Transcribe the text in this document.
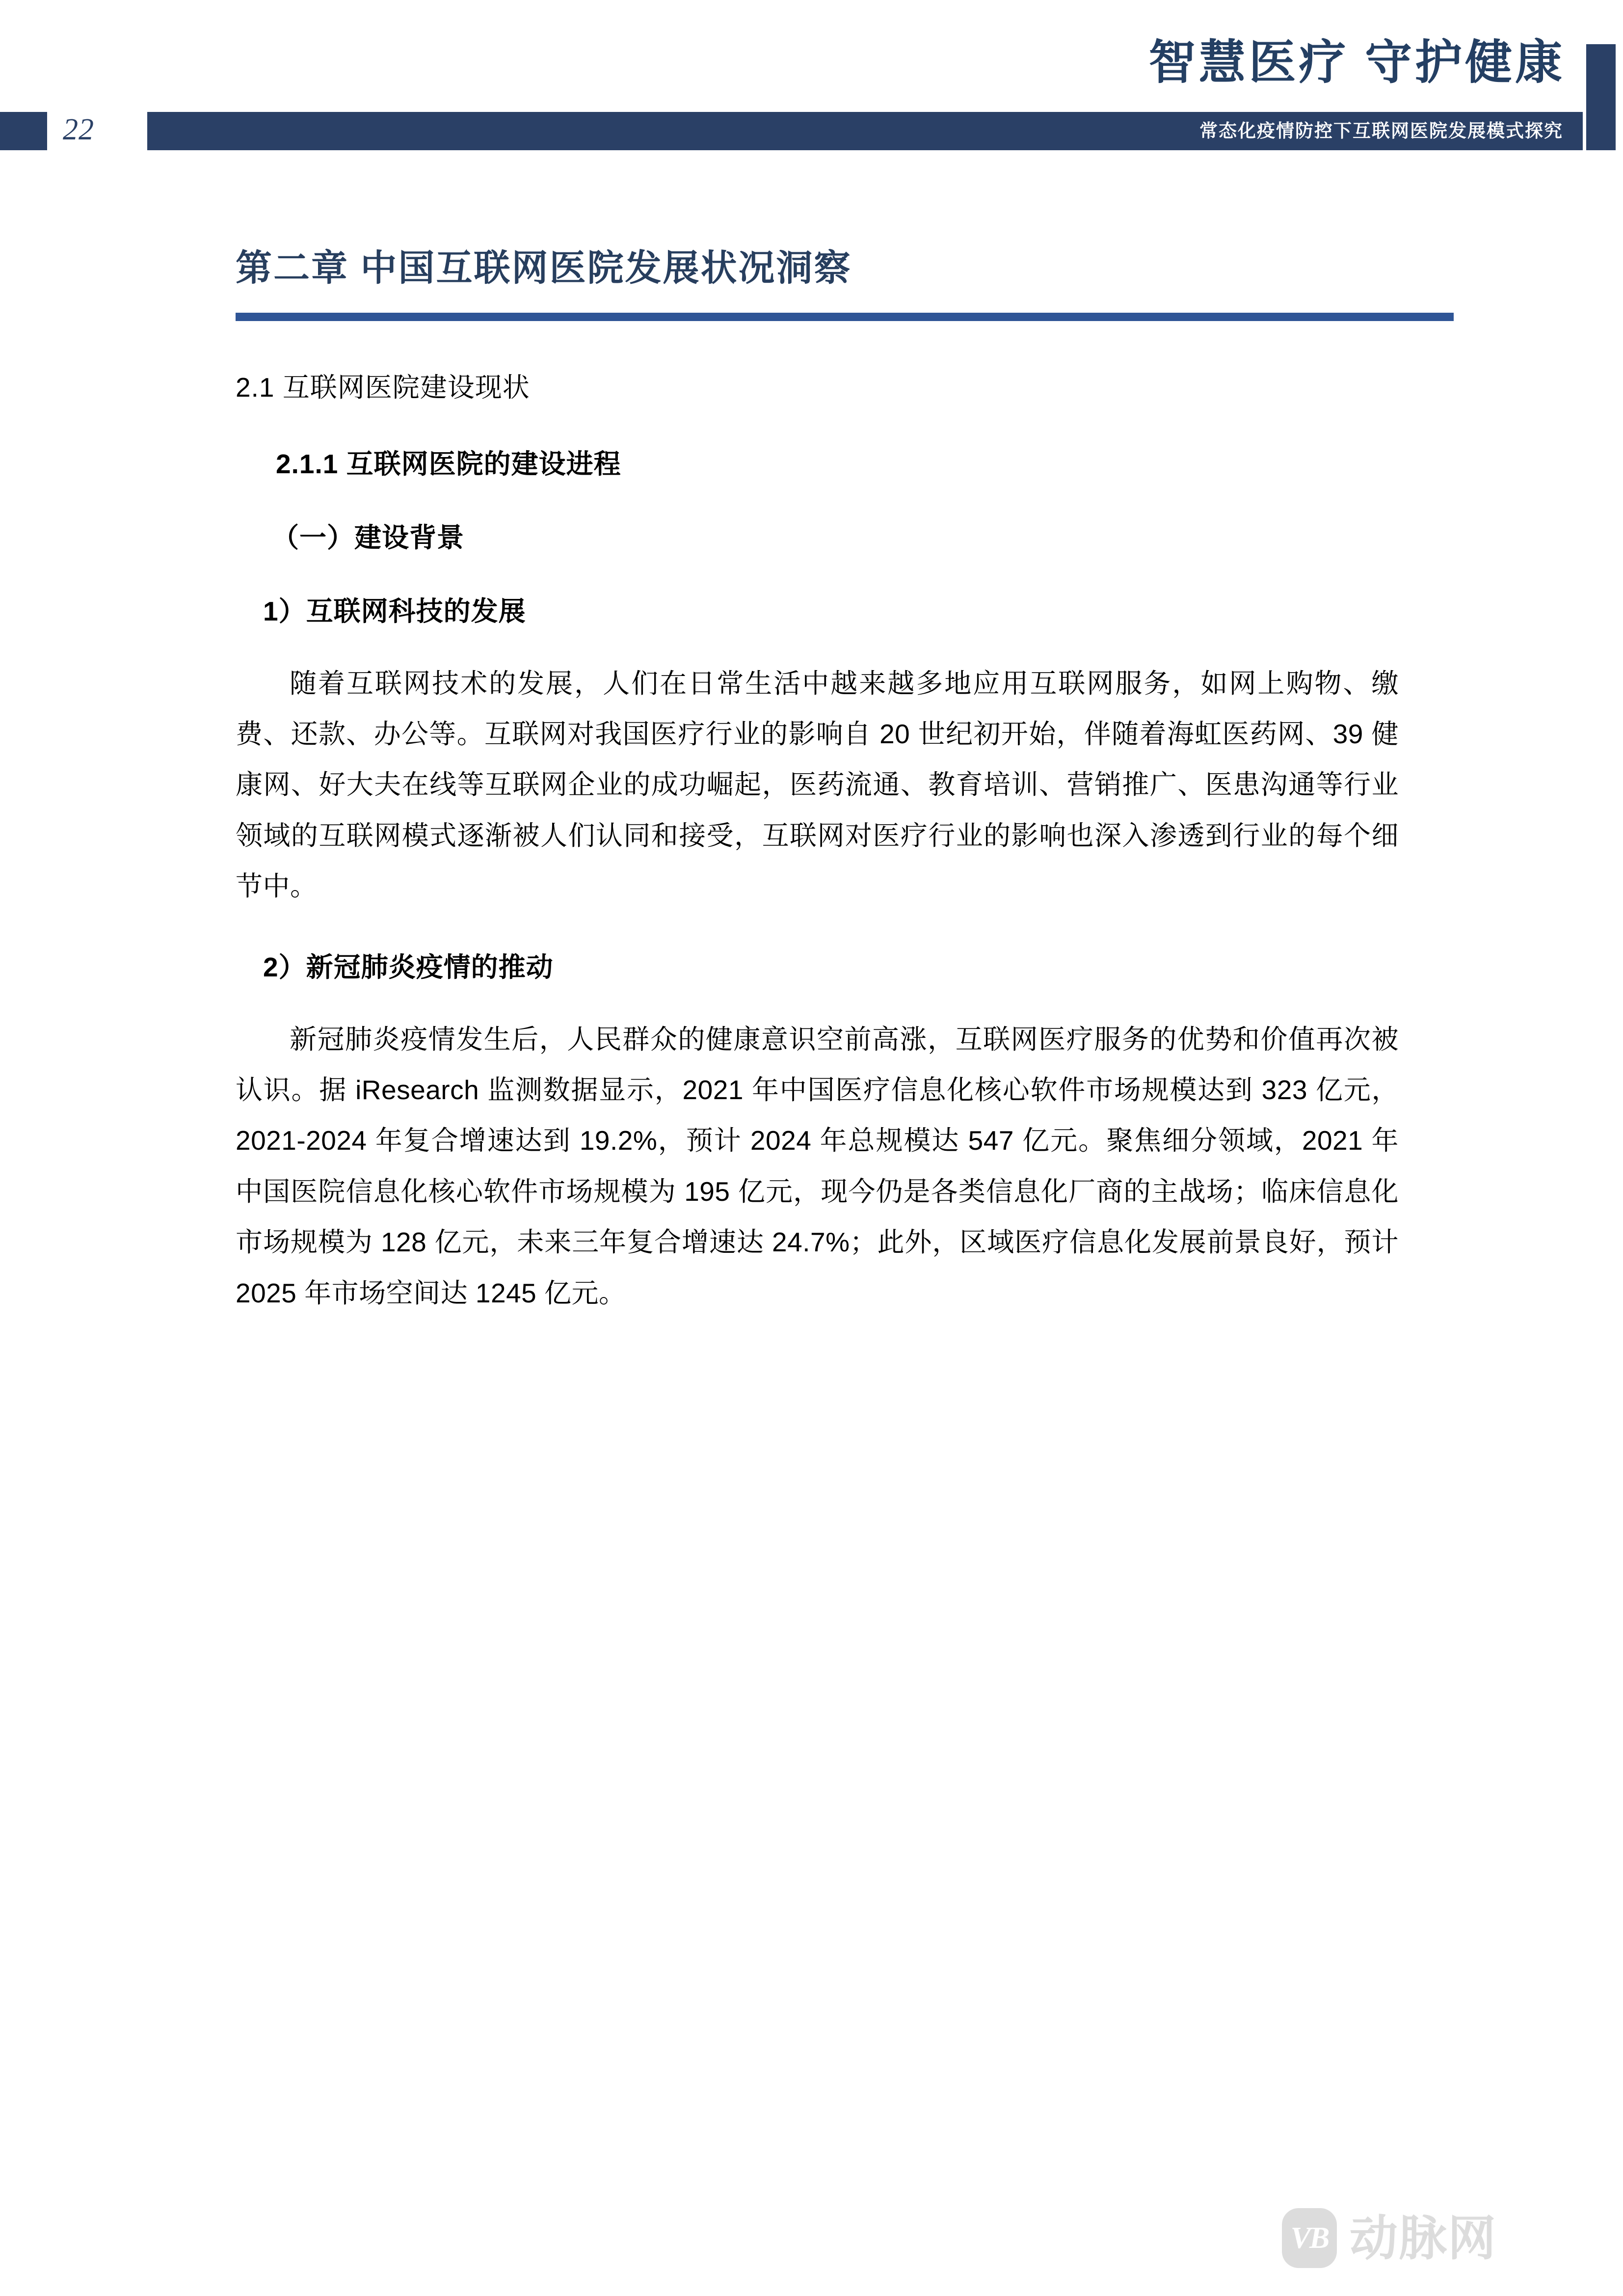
22
智慧医疗 守护健康
常态化疫情防控下互联网医院发展模式探究
第二章 中国互联网医院发展状况洞察
2.1 互联网医院建设现状
2.1.1 互联网医院的建设进程
（一）建设背景
1）互联网科技的发展

随着互联网技术的发展，人们在日常生活中越来越多地应用互联网服务，如网上购物、缴费、还款、办公等。互联网对我国医疗行业的影响自 20 世纪初开始，伴随着海虹医药网、39 健康网、好大夫在线等互联网企业的成功崛起，医药流通、教育培训、营销推广、医患沟通等行业领域的互联网模式逐渐被人们认同和接受，互联网对医疗行业的影响也深入渗透到行业的每个细节中。

2）新冠肺炎疫情的推动

新冠肺炎疫情发生后，人民群众的健康意识空前高涨，互联网医疗服务的优势和价值再次被认识。据 iResearch 监测数据显示，2021 年中国医疗信息化核心软件市场规模达到 323 亿元，2021-2024 年复合增速达到 19.2%，预计 2024 年总规模达 547 亿元。聚焦细分领域，2021 年中国医院信息化核心软件市场规模为 195 亿元，现今仍是各类信息化厂商的主战场；临床信息化市场规模为 128 亿元，未来三年复合增速达 24.7%；此外，区域医疗信息化发展前景良好，预计 2025 年市场空间达 1245 亿元。

VB 动脉网
